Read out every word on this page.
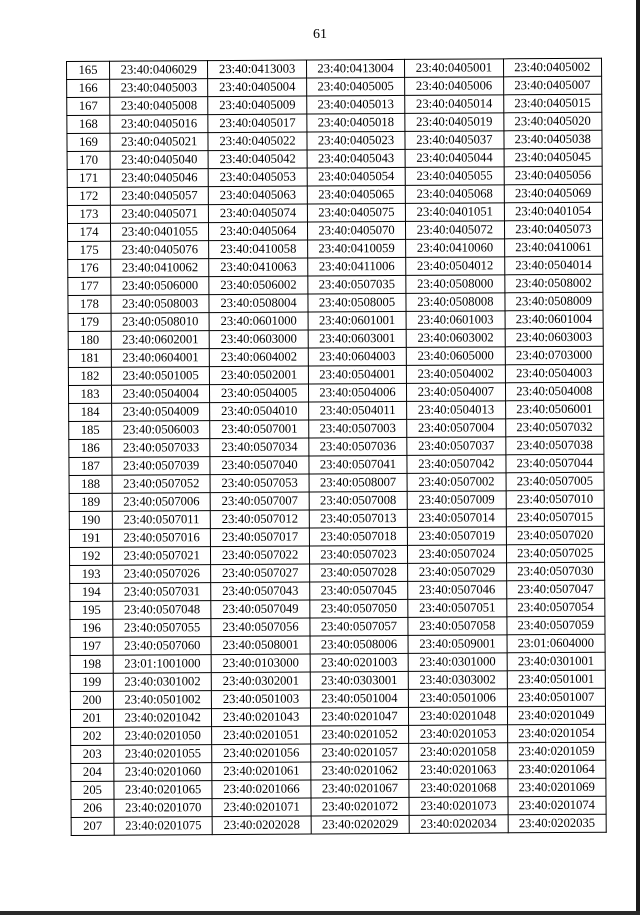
61
165	23:40:0406029	23:40:0413003	23:40:0413004	23:40:0405001	23:40:0405002
166	23:40:0405003	23:40:0405004	23:40:0405005	23:40:0405006	23:40:0405007
167	23:40:0405008	23:40:0405009	23:40:0405013	23:40:0405014	23:40:0405015
168	23:40:0405016	23:40:0405017	23:40:0405018	23:40:0405019	23:40:0405020
169	23:40:0405021	23:40:0405022	23:40:0405023	23:40:0405037	23:40:0405038
170	23:40:0405040	23:40:0405042	23:40:0405043	23:40:0405044	23:40:0405045
171	23:40:0405046	23:40:0405053	23:40:0405054	23:40:0405055	23:40:0405056
172	23:40:0405057	23:40:0405063	23:40:0405065	23:40:0405068	23:40:0405069
173	23:40:0405071	23:40:0405074	23:40:0405075	23:40:0401051	23:40:0401054
174	23:40:0401055	23:40:0405064	23:40:0405070	23:40:0405072	23:40:0405073
175	23:40:0405076	23:40:0410058	23:40:0410059	23:40:0410060	23:40:0410061
176	23:40:0410062	23:40:0410063	23:40:0411006	23:40:0504012	23:40:0504014
177	23:40:0506000	23:40:0506002	23:40:0507035	23:40:0508000	23:40:0508002
178	23:40:0508003	23:40:0508004	23:40:0508005	23:40:0508008	23:40:0508009
179	23:40:0508010	23:40:0601000	23:40:0601001	23:40:0601003	23:40:0601004
180	23:40:0602001	23:40:0603000	23:40:0603001	23:40:0603002	23:40:0603003
181	23:40:0604001	23:40:0604002	23:40:0604003	23:40:0605000	23:40:0703000
182	23:40:0501005	23:40:0502001	23:40:0504001	23:40:0504002	23:40:0504003
183	23:40:0504004	23:40:0504005	23:40:0504006	23:40:0504007	23:40:0504008
184	23:40:0504009	23:40:0504010	23:40:0504011	23:40:0504013	23:40:0506001
185	23:40:0506003	23:40:0507001	23:40:0507003	23:40:0507004	23:40:0507032
186	23:40:0507033	23:40:0507034	23:40:0507036	23:40:0507037	23:40:0507038
187	23:40:0507039	23:40:0507040	23:40:0507041	23:40:0507042	23:40:0507044
188	23:40:0507052	23:40:0507053	23:40:0508007	23:40:0507002	23:40:0507005
189	23:40:0507006	23:40:0507007	23:40:0507008	23:40:0507009	23:40:0507010
190	23:40:0507011	23:40:0507012	23:40:0507013	23:40:0507014	23:40:0507015
191	23:40:0507016	23:40:0507017	23:40:0507018	23:40:0507019	23:40:0507020
192	23:40:0507021	23:40:0507022	23:40:0507023	23:40:0507024	23:40:0507025
193	23:40:0507026	23:40:0507027	23:40:0507028	23:40:0507029	23:40:0507030
194	23:40:0507031	23:40:0507043	23:40:0507045	23:40:0507046	23:40:0507047
195	23:40:0507048	23:40:0507049	23:40:0507050	23:40:0507051	23:40:0507054
196	23:40:0507055	23:40:0507056	23:40:0507057	23:40:0507058	23:40:0507059
197	23:40:0507060	23:40:0508001	23:40:0508006	23:40:0509001	23:01:0604000
198	23:01:1001000	23:40:0103000	23:40:0201003	23:40:0301000	23:40:0301001
199	23:40:0301002	23:40:0302001	23:40:0303001	23:40:0303002	23:40:0501001
200	23:40:0501002	23:40:0501003	23:40:0501004	23:40:0501006	23:40:0501007
201	23:40:0201042	23:40:0201043	23:40:0201047	23:40:0201048	23:40:0201049
202	23:40:0201050	23:40:0201051	23:40:0201052	23:40:0201053	23:40:0201054
203	23:40:0201055	23:40:0201056	23:40:0201057	23:40:0201058	23:40:0201059
204	23:40:0201060	23:40:0201061	23:40:0201062	23:40:0201063	23:40:0201064
205	23:40:0201065	23:40:0201066	23:40:0201067	23:40:0201068	23:40:0201069
206	23:40:0201070	23:40:0201071	23:40:0201072	23:40:0201073	23:40:0201074
207	23:40:0201075	23:40:0202028	23:40:0202029	23:40:0202034	23:40:0202035
